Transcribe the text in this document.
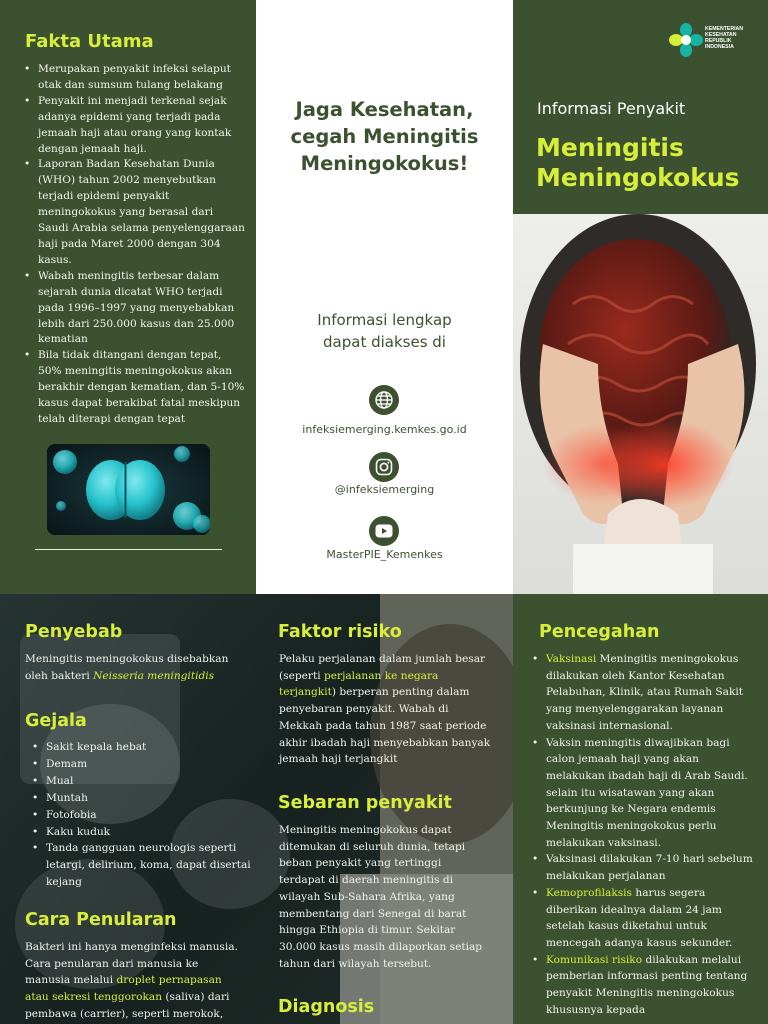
Fakta Utama
• Merupakan penyakit infeksi selaput otak dan sumsum tulang belakang
• Penyakit ini menjadi terkenal sejak adanya epidemi yang terjadi pada jemaah haji atau orang yang kontak dengan jemaah haji.
• Laporan Badan Kesehatan Dunia (WHO) tahun 2002 menyebutkan terjadi epidemi penyakit meningokokus yang berasal dari Saudi Arabia selama penyelenggaraan haji pada Maret 2000 dengan 304 kasus.
• Wabah meningitis terbesar dalam sejarah dunia dicatat WHO terjadi pada 1996–1997 yang menyebabkan lebih dari 250.000 kasus dan 25.000 kematian
• Bila tidak ditangani dengan tepat, 50% meningitis meningokokus akan berakhir dengan kematian, dan 5-10% kasus dapat berakibat fatal meskipun telah diterapi dengan tepat
Jaga Kesehatan,
cegah Meningitis
Meningokokus!
Informasi lengkap
dapat diakses di
infeksiemerging.kemkes.go.id
@infeksiemerging
MasterPIE_Kemenkes
KEMENTERIAN
KESEHATAN
REPUBLIK
INDONESIA
Informasi Penyakit
Meningitis
Meningokokus
Penyebab

Meningitis meningokokus disebabkan oleh bakteri Neisseria meningitidis

Gejala
• Sakit kepala hebat
• Demam
• Mual
• Muntah
• Fotofobia
• Kaku kuduk
• Tanda gangguan neurologis seperti letargi, delirium, koma, dapat disertai kejang
Cara Penularan

Bakteri ini hanya menginfeksi manusia. Cara penularan dari manusia ke manusia melalui droplet pernapasan atau sekresi tenggorokan (saliva) dari pembawa (carrier), seperti merokok,

Faktor risiko

Pelaku perjalanan dalam jumlah besar (seperti perjalanan ke negara terjangkit) berperan penting dalam penyebaran penyakit. Wabah di Mekkah pada tahun 1987 saat periode akhir ibadah haji menyebabkan banyak jemaah haji terjangkit

Sebaran penyakit

Meningitis meningokokus dapat ditemukan di seluruh dunia, tetapi beban penyakit yang tertinggi terdapat di daerah meningitis di wilayah Sub-Sahara Afrika, yang membentang dari Senegal di barat hingga Ethiopia di timur. Sekitar 30.000 kasus masih dilaporkan setiap tahun dari wilayah tersebut.

Diagnosis
Pencegahan
• Vaksinasi Meningitis meningokokus dilakukan oleh Kantor Kesehatan Pelabuhan, Klinik, atau Rumah Sakit yang menyelenggarakan layanan vaksinasi internasional.
• Vaksin meningitis diwajibkan bagi calon jemaah haji yang akan melakukan ibadah haji di Arab Saudi. selain itu wisatawan yang akan berkunjung ke Negara endemis Meningitis meningokokus perlu melakukan vaksinasi.
• Vaksinasi dilakukan 7-10 hari sebelum melakukan perjalanan
• Kemoprofilaksis harus segera diberikan idealnya dalam 24 jam setelah kasus diketahui untuk mencegah adanya kasus sekunder.
• Komunikasi risiko dilakukan melalui pemberian informasi penting tentang penyakit Meningitis meningokokus khususnya kepada
